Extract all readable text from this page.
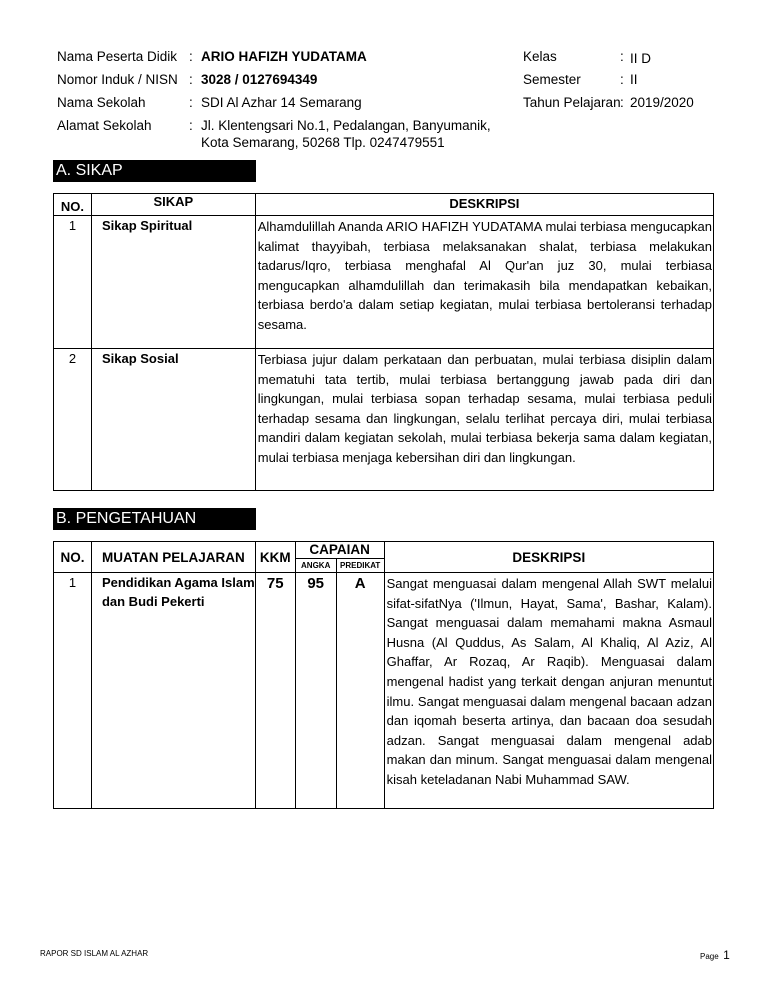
Nama Peserta Didik : ARIO HAFIZH YUDATAMA
Nomor Induk / NISN : 3028 / 0127694349
Nama Sekolah	: SDI Al Azhar 14 Semarang
Alamat Sekolah	: Jl. Klentengsari No.1, Pedalangan, Banyumanik,
Kota Semarang, 50268 Tlp. 0247479551
Kelas	: II D
Semester	: II
Tahun Pelajaran : 2019/2020
A. SIKAP
NO.	SIKAP	DESKRIPSI
1	Sikap Spiritual	Alhamdulillah Ananda ARIO HAFIZH YUDATAMA mulai terbiasa mengucapkan kalimat thayyibah, terbiasa melaksanakan shalat, terbiasa melakukan tadarus/Iqro, terbiasa menghafal Al Qur'an juz 30, mulai terbiasa mengucapkan alhamdulillah dan terimakasih bila mendapatkan kebaikan, terbiasa berdo'a dalam setiap kegiatan, mulai terbiasa bertoleransi terhadap sesama.
2	Sikap Sosial	Terbiasa jujur dalam perkataan dan perbuatan, mulai terbiasa disiplin dalam mematuhi tata tertib, mulai terbiasa bertanggung jawab pada diri dan lingkungan, mulai terbiasa sopan terhadap sesama, mulai terbiasa peduli terhadap sesama dan lingkungan, selalu terlihat percaya diri, mulai terbiasa mandiri dalam kegiatan sekolah, mulai terbiasa bekerja sama dalam kegiatan, mulai terbiasa menjaga kebersihan diri dan lingkungan.
B. PENGETAHUAN
NO.	MUATAN PELAJARAN	KKM	CAPAIAN		DESKRIPSI
			ANGKA	PREDIKAT	
1	Pendidikan Agama Islam dan Budi Pekerti	75	95	A	Sangat menguasai dalam mengenal Allah SWT melalui sifat-sifatNya ('Ilmun, Hayat, Sama', Bashar, Kalam). Sangat menguasai dalam memahami makna Asmaul Husna (Al Quddus, As Salam, Al Khaliq, Al Aziz, Al Ghaffar, Ar Rozaq, Ar Raqib). Menguasai dalam mengenal hadist yang terkait dengan anjuran menuntut ilmu. Sangat menguasai dalam mengenal bacaan adzan dan iqomah beserta artinya, dan bacaan doa sesudah adzan. Sangat menguasai dalam mengenal adab makan dan minum. Sangat menguasai dalam mengenal kisah keteladanan Nabi Muhammad SAW.
RAPOR SD ISLAM AL AZHAR	Page 1
